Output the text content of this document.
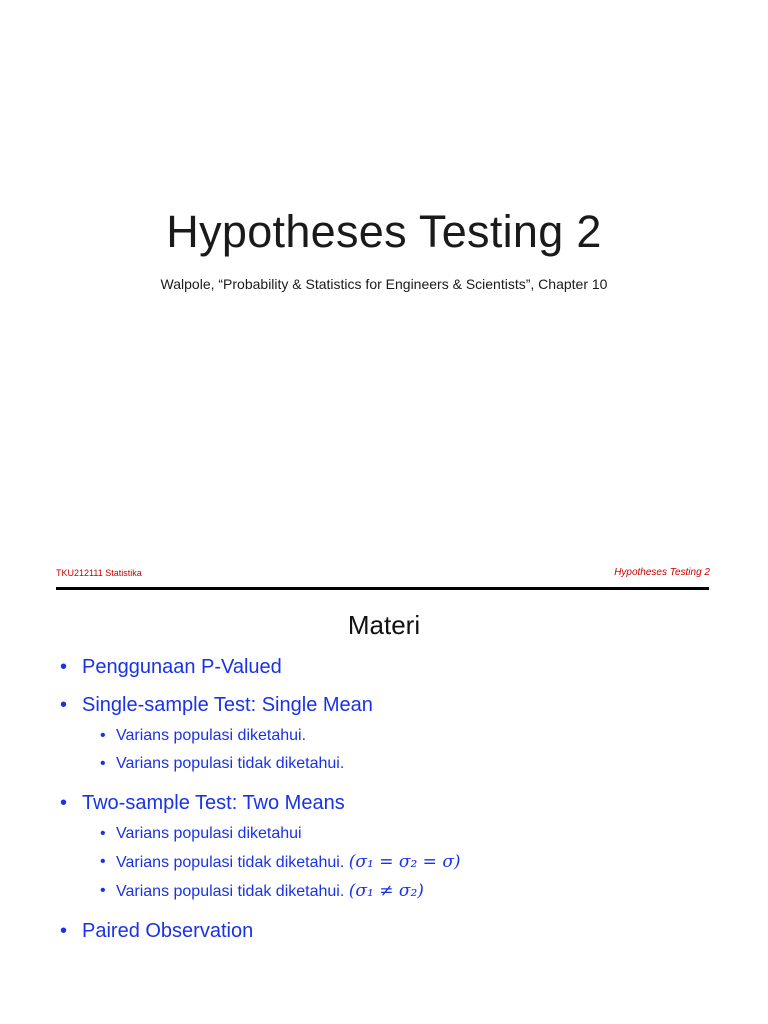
Hypotheses Testing 2
Walpole, “Probability & Statistics for Engineers & Scientists”, Chapter 10
TKU212111 Statistika	Hypotheses Testing 2
Materi
• Penggunaan P-Valued
• Single-sample Test: Single Mean
• Varians populasi diketahui.
• Varians populasi tidak diketahui.
• Two-sample Test: Two Means
• Varians populasi diketahui
• Varians populasi tidak diketahui. (σ₁ = σ₂ = σ)
• Varians populasi tidak diketahui. (σ₁ ≠ σ₂)
• Paired Observation
